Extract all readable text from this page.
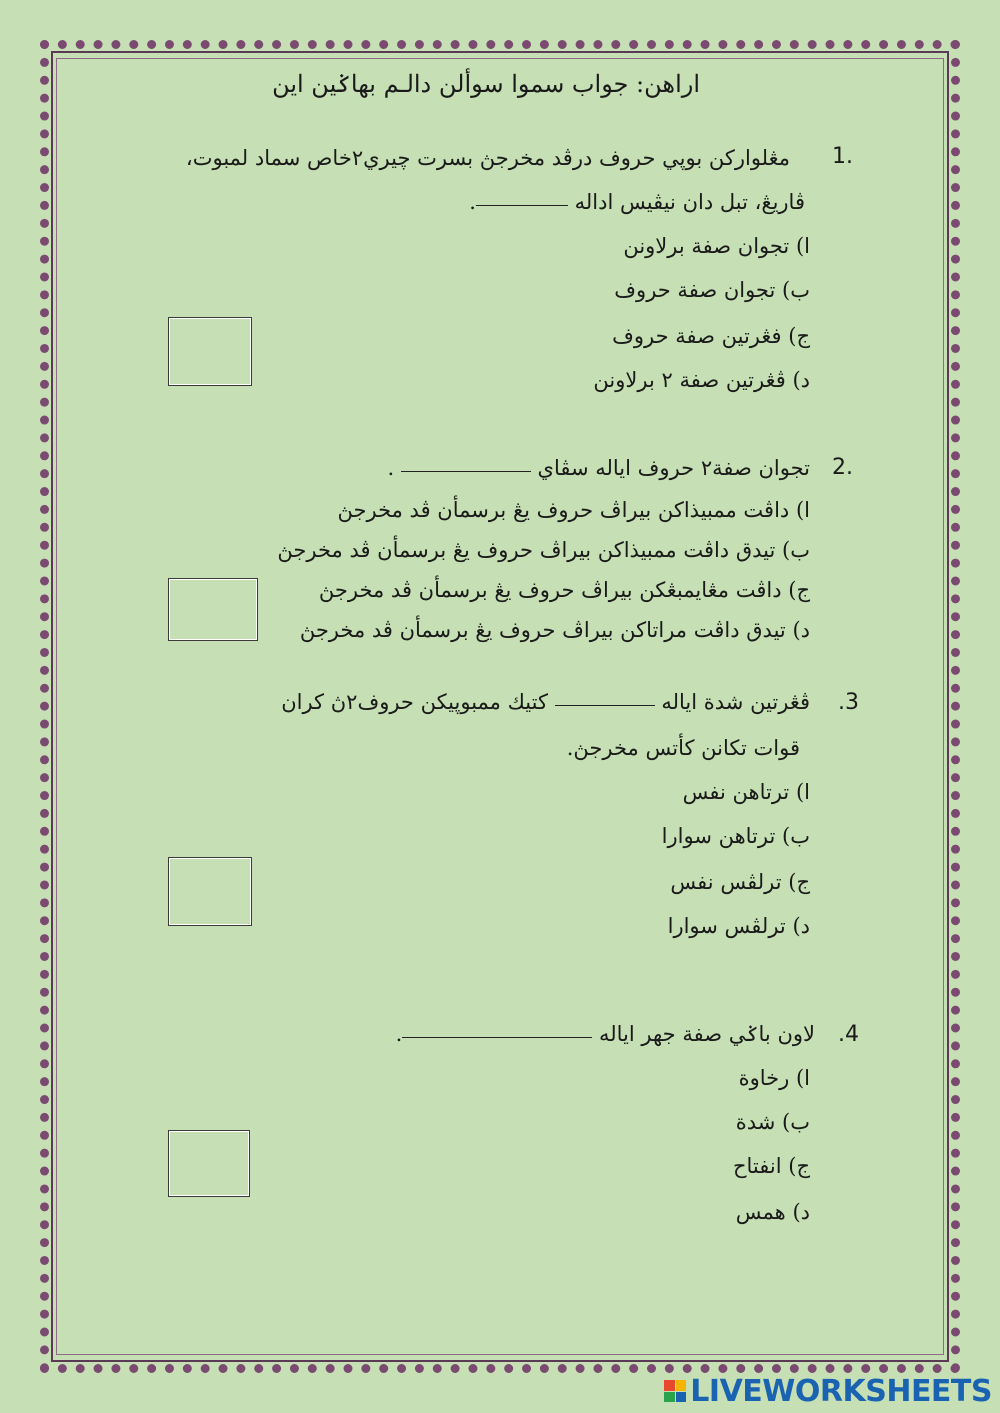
اراهن: جواب سموا سوألن دالـم بهاݢين اين
1.
مڠلواركن بوڽي حروف درڤد مخرجڽ بسرت چيري٢خاص سماد لمبوت،
ڤاريڠ، تبل دان نيڤيس اداله .
ا) تجوان صفة برلاونن
ب) تجوان صفة حروف
ج) فڠرتين صفة حروف
د) ڤڠرتين صفة ٢ برلاونن
2.
تجوان صفة٢ حروف اياله سڤاي  .
ا) داڤت ممبيذاكن بيراڤ حروف يڠ برسمأن ڤد مخرجڽ
ب) تيدق داڤت ممبيذاكن بيراڤ حروف يڠ برسمأن ڤد مخرجڽ
ج) داڤت مڠايمبڠكن بيراڤ حروف يڠ برسمأن ڤد مخرجڽ
د) تيدق داڤت مراتاكن بيراڤ حروف يڠ برسمأن ڤد مخرجڽ
.3
ڤڠرتين شدة اياله  كتيك ممبوڽيكن حروف٢ڽ كران
قوات تكانن كأتس مخرجڽ.
ا) ترتاهن نفس
ب) ترتاهن سوارا
ج) ترلڤس نفس
د) ترلڤس سوارا
.4
لاون باݢي صفة جهر اياله .
ا) رخاوة
ب) شدة
ج) انفتاح
د) همس
LIVEWORKSHEETS
